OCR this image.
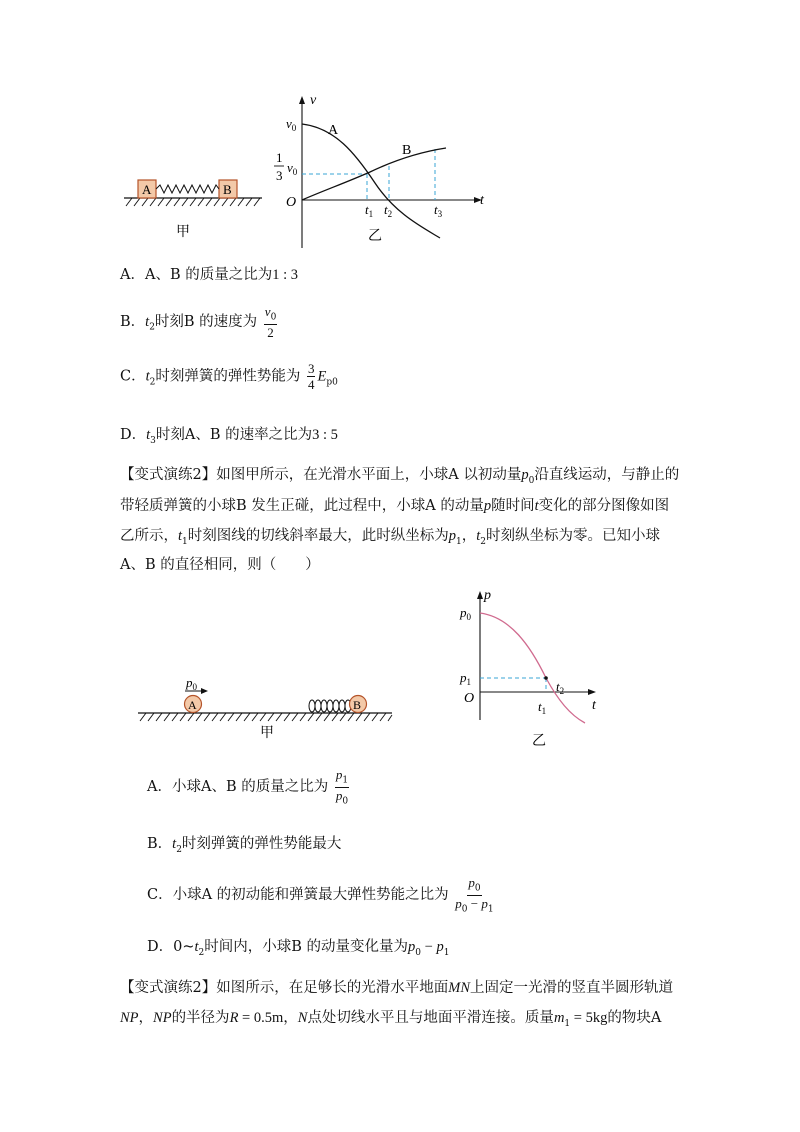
A	B
甲
v
t
O
$v_0$
1
3
$v_0$
A
B
$t_1$ $t_2$	$t_3$
乙
A．A、B 的质量之比为1 : 3
B．$t_2$时刻B 的速度为 $\frac{v_0}{2}$
C．$t_2$时刻弹簧的弹性势能为 $\frac{3}{4} E_{p0}$
D．$t_3$时刻A、B 的速率之比为3 : 5
【变式演练2】如图甲所示，在光滑水平面上，小球A 以初动量$p_0$沿直线运动，与静止的
带轻质弹簧的小球B 发生正碰，此过程中，小球A 的动量p随时间t变化的部分图像如图
乙所示，$t_1$时刻图线的切线斜率最大，此时纵坐标为$p_1$，$t_2$时刻纵坐标为零。已知小球
A、B 的直径相同，则（　　）
$p_0$
A	B
甲
p
t
O
$p_0$
$p_1$
$t_1$
$t_2$
乙
A．小球A、B 的质量之比为 $\frac{p_1}{p_0}$
B．$t_2$时刻弹簧的弹性势能最大
C．小球A 的初动能和弹簧最大弹性势能之比为 $\frac{p_0}{p_0 - p_1}$
D．$0\sim t_2$时间内，小球B 的动量变化量为$p_0 - p_1$
【变式演练2】如图所示，在足够长的光滑水平地面MN上固定一光滑的竖直半圆形轨道
NP，NP的半径为R = 0.5m，N点处切线水平且与地面平滑连接。质量$m_1 = 5kg$的物块A
